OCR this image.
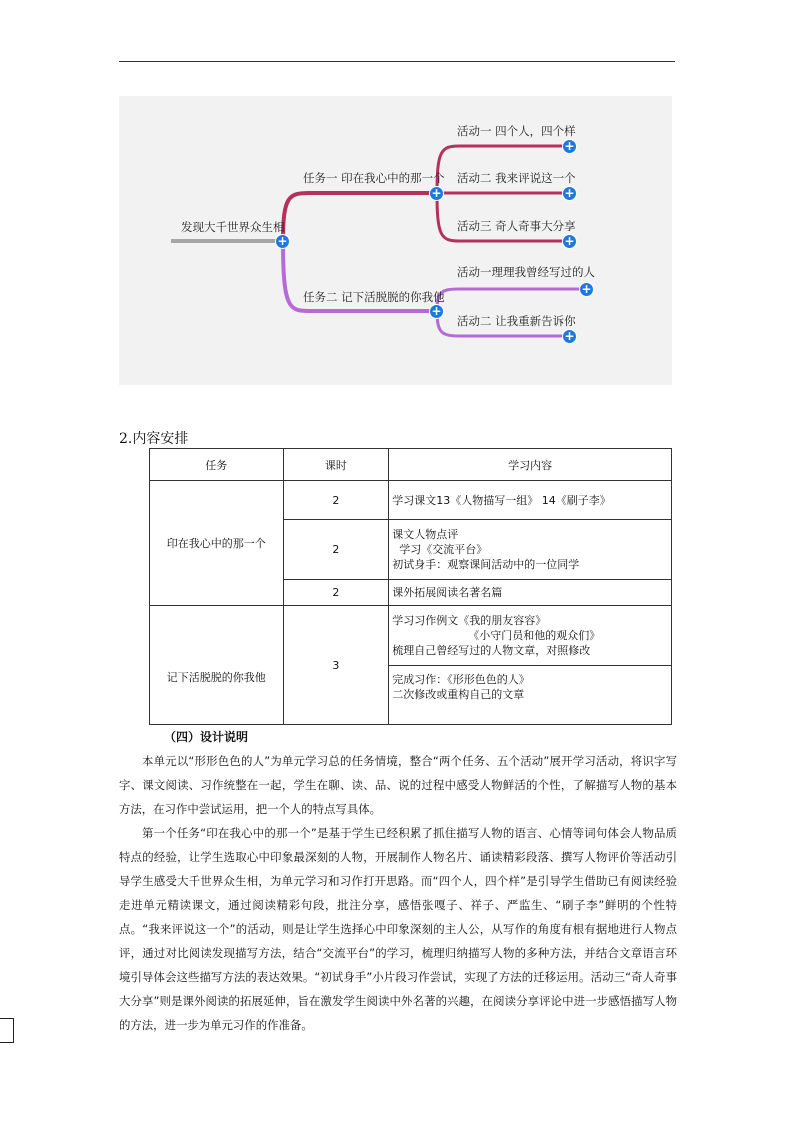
发现大千世界众生相
任务一 印在我心中的那一个
任务二 记下活脱脱的你我他
活动一 四个人，四个样
活动二 我来评说这一个
活动三 奇人奇事大分享
活动一理理我曾经写过的人
活动二 让我重新告诉你
+
+
+
+
+
+
+
+
2.内容安排
任务	课时	学习内容
印在我心中的那一个	2	学习课文13《人物描写一组》 14《刷子李》

	2	课文人物点评
学习《交流平台》
初试身手：观察课间活动中的一位同学

	2	课外拓展阅读名著名篇

记下活脱脱的你我他	3	学习习作例文《我的朋友容容》
《小守门员和他的观众们》
梳理自己曾经写过的人物文章，对照修改

		完成习作：《形形色色的人》
二次修改或重构自己的文章
（四）设计说明

本单元以“形形色色的人”为单元学习总的任务情境，整合“两个任务、五个活动”展开学习活动，将识字写字、课文阅读、习作统整在一起，学生在聊、读、品、说的过程中感受人物鲜活的个性，了解描写人物的基本方法，在习作中尝试运用，把一个人的特点写具体。

第一个任务“印在我心中的那一个”是基于学生已经积累了抓住描写人物的语言、心情等词句体会人物品质特点的经验，让学生选取心中印象最深刻的人物，开展制作人物名片、诵读精彩段落、撰写人物评价等活动引导学生感受大千世界众生相，为单元学习和习作打开思路。而“四个人，四个样”是引导学生借助已有阅读经验走进单元精读课文，通过阅读精彩句段，批注分享，感悟张嘎子、祥子、严监生、“刷子李”鲜明的个性特点。“我来评说这一个”的活动，则是让学生选择心中印象深刻的主人公，从写作的角度有根有据地进行人物点评，通过对比阅读发现描写方法，结合“交流平台”的学习，梳理归纳描写人物的多种方法，并结合文章语言环境引导体会这些描写方法的表达效果。“初试身手”小片段习作尝试，实现了方法的迁移运用。活动三“奇人奇事大分享”则是课外阅读的拓展延伸，旨在激发学生阅读中外名著的兴趣，在阅读分享评论中进一步感悟描写人物的方法，进一步为单元习作的作准备。
